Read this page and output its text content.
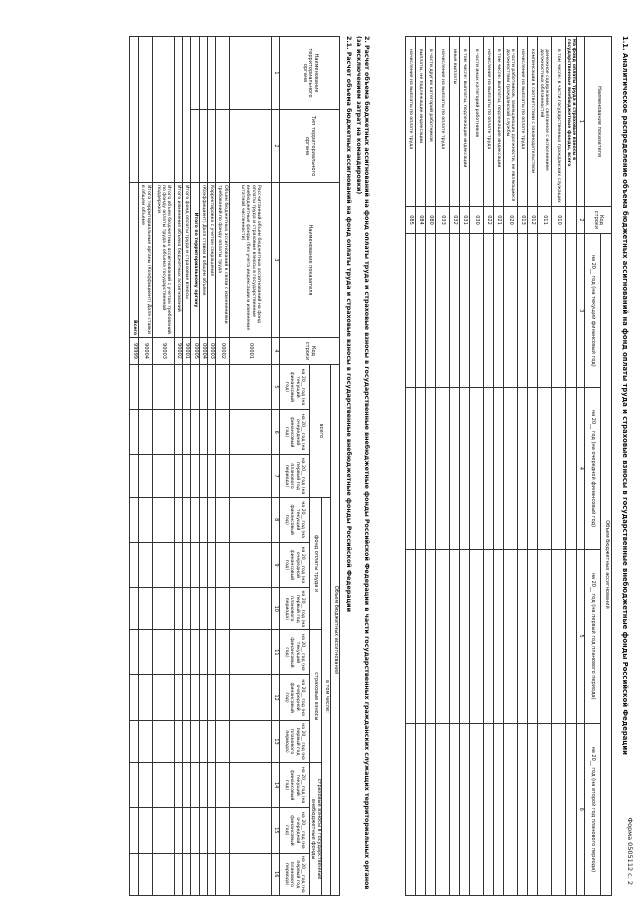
Форма 0505112 с. 2
1.1. Аналитическое распределение объема бюджетных ассигнований на фонд оплаты труда и страховые взносы в государственные внебюджетные фонды Российской Федерации
Наименование показателя	Код строки	Объем бюджетных ассигнований			
		на 20__ год (на текущий финансовый год)	на 20__ год (на очередной финансовый год)	на 20__ год (на первый год планового периода)	на 20__ год (на второй год планового периода)
1	2	3	4	5	6
На фонд оплаты труда и страховые взносы в государственные внебюджетные фонды, всего					
в том числе: в части государственных гражданских служащих	010				
денежное содержание, связанное с исполнением должностных обязанностей	011				
компенсации в соответствии с законодательством	012				
начисления на выплаты по оплате труда	013				
в части работников, замещающих должности, не являющиеся должностями гражданской службы	020				
в том числе: выплаты, подлежащие индексации	021				
начисления на выплаты по оплате труда	022				
в части иных категорий работников	030				
в том числе: выплаты, подлежащие индексации	031				
иные выплаты	032				
начисления на выплаты по оплате труда	033				
в части других категорий работников	080				
выплаты, не подлежащие индексации	084				
начисления на выплаты по оплате труда	085				
2. Расчет объема бюджетных ассигнований на фонд оплаты труда и страховые взносы в государственные внебюджетные фонды Российской Федерации в части государственных гражданских служащих территориальных органов
(за исключением затрат на командировки)
2.1. Расчет объема бюджетных ассигнований на фонд оплаты труда и страховые взносы в государственные внебюджетные фонды Российской Федерации
Наименование территориального органа	Тип территориального органа	Наименование показателя	Код строки	Объем бюджетных ассигнований											
				всего			в том числе:								
							фонд оплаты труда и			страховые взносы			страховые взносы в государственные внебюджетные фонды		
				на 20__ год (на текущий финансовый год)	на 20__ год (на очередной финансовый год)	на 20__ год (на первый год планового периода)	на 20__ год (на текущий финансовый год)	на 20__ год (на очередной финансовый год)	на 20__ год (на первый год планового периода)	на 20__ год (на текущий финансовый год)	на 20__ год (на очередной финансовый год)	на 20__ год (на первый год планового периода)	на 20__ год (на текущий финансовый год)	на 20__ год (на очередной финансовый год)	на 20__ год (на первый год планового периода)
1	2	3	4	5	6	7	8	9	10	11	12	13	14	15	16
		Рассчитанный объем бюджетных ассигнований на фонд оплаты труда и страховые взносы в государственные внебюджетные фонды (без учета индексации и изменения штатной численности)	00001												
		Объем бюджетных ассигнований в связи с изменениями требований по фонду оплаты труда	00002												
		Корректировка с учетом сокращения	00003												
		(Коэффициент) Доля ставки в общем объеме	00004												
		Итого по территориальному органу	00005												
		Итого фонд оплаты труда и страховые взносы	90001												
		Итого изменения объема бюджетных ассигнований	90002												
		Итого объем бюджетных ассигнований с учетом требований по фонду оплаты труда и объема государственной поддержки	90003												
		Итого территориальные органы (Коэффициент) Доля ставки в общем объеме	90004												
		Всего	99999												
